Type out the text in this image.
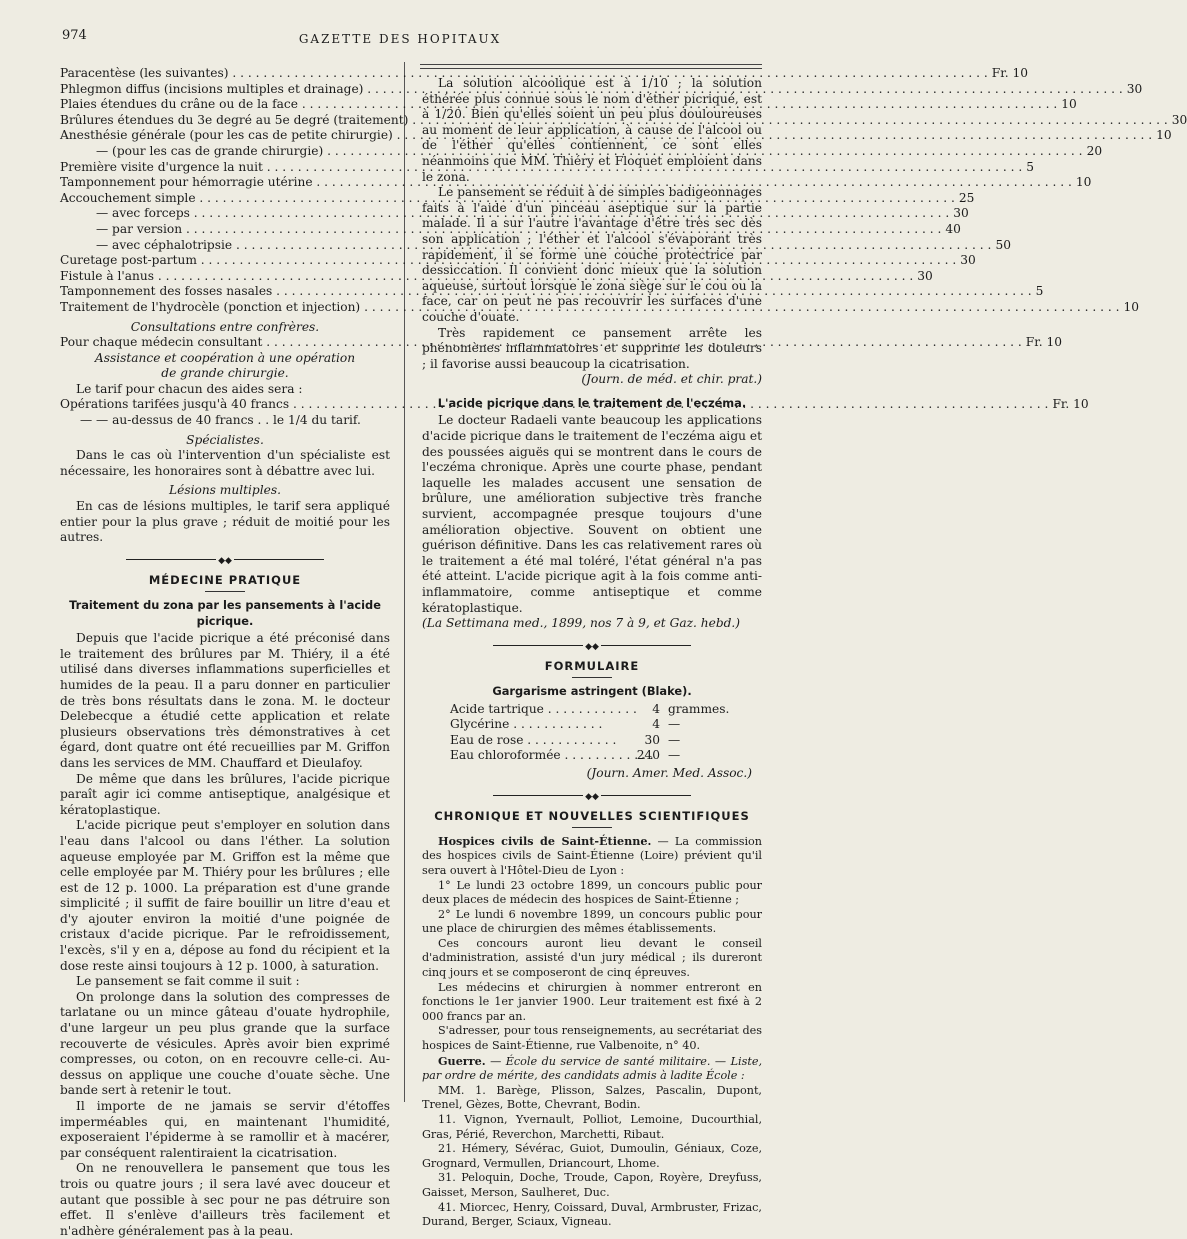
974	GAZETTE DES HOPITAUX
Paracentèse (les suivantes) . . .	Fr. 10
Phlegmon diffus (incisions multiples et drainage) . . .	30
Plaies étendues du crâne ou de la face . . .	10
Brûlures étendues du 3e degré au 5e degré (traitement) . . .	30
Anesthésie générale (pour les cas de petite chirurgie) . . .	10
— (pour les cas de grande chirurgie) . . .	20
Première visite d'urgence la nuit . . .	5
Tamponnement pour hémorragie utérine . . .	10
Accouchement simple . . .	25
— avec forceps . . .	30
— par version . . .	40
— avec céphalotripsie . . .	50
Curetage post-partum . . .	30
Fistule à l'anus . . .	30
Tamponnement des fosses nasales . . .	5
Traitement de l'hydrocèle (ponction et injection) . . .	10

Consultations entre confrères.

Pour chaque médecin consultant . . .	Fr. 10

Assistance et coopération à une opération

de grande chirurgie.

Le tarif pour chacun des aides sera :

Opérations tarifées jusqu'à 40 francs . . .	Fr. 10

— — au-dessus de 40 francs . . le 1/4 du tarif.

Spécialistes.

Dans le cas où l'intervention d'un spécialiste est nécessaire, les honoraires sont à débattre avec lui.

Lésions multiples.

En cas de lésions multiples, le tarif sera appliqué entier pour la plus grave ; réduit de moitié pour les autres.

◆◆
MÉDECINE PRATIQUE
Traitement du zona par les pansements à l'acide picrique.

Depuis que l'acide picrique a été préconisé dans le traitement des brûlures par M. Thiéry, il a été utilisé dans diverses inflammations superficielles et humides de la peau. Il a paru donner en particulier de très bons résultats dans le zona. M. le docteur Delebecque a étudié cette application et relate plusieurs observations très démonstratives à cet égard, dont quatre ont été recueillies par M. Griffon dans les services de MM. Chauffard et Dieulafoy.

De même que dans les brûlures, l'acide picrique paraît agir ici comme antiseptique, analgésique et kératoplastique.

L'acide picrique peut s'employer en solution dans l'eau dans l'alcool ou dans l'éther. La solution aqueuse employée par M. Griffon est la même que celle employée par M. Thiéry pour les brûlures ; elle est de 12 p. 1000. La préparation est d'une grande simplicité ; il suffit de faire bouillir un litre d'eau et d'y ajouter environ la moitié d'une poignée de cristaux d'acide picrique. Par le refroidissement, l'excès, s'il y en a, dépose au fond du récipient et la dose reste ainsi toujours à 12 p. 1000, à saturation.

Le pansement se fait comme il suit :

On prolonge dans la solution des compresses de tarlatane ou un mince gâteau d'ouate hydrophile, d'une largeur un peu plus grande que la surface recouverte de vésicules. Après avoir bien exprimé compresses, ou coton, on en recouvre celle-ci. Au-dessus on applique une couche d'ouate sèche. Une bande sert à retenir le tout.

Il importe de ne jamais se servir d'étoffes imperméables qui, en maintenant l'humidité, exposeraient l'épiderme à se ramollir et à macérer, par conséquent ralentiraient la cicatrisation.

On ne renouvellera le pansement que tous les trois ou quatre jours ; il sera lavé avec douceur et autant que possible à sec pour ne pas détruire son effet. Il s'enlève d'ailleurs très facilement et n'adhère généralement pas à la peau.

La solution alcoolique est à 1/10 ; la solution éthérée plus connue sous le nom d'éther picriqué, est à 1/20. Bien qu'elles soient un peu plus douloureuses au moment de leur application, à cause de l'alcool ou de l'éther qu'elles contiennent, ce sont elles néanmoins que MM. Thiéry et Floquet emploient dans le zona.

Le pansement se réduit à de simples badigeonnages faits à l'aide d'un pinceau aseptique sur la partie malade. Il a sur l'autre l'avantage d'être très sec dès son application ; l'éther et l'alcool s'évaporant très rapidement, il se forme une couche protectrice par dessiccation. Il convient donc mieux que la solution aqueuse, surtout lorsque le zona siège sur le cou ou la face, car on peut ne pas recouvrir les surfaces d'une couche d'ouate.

Très rapidement ce pansement arrête les phénomènes inflammatoires et supprime les douleurs ; il favorise aussi beaucoup la cicatrisation.

(Journ. de méd. et chir. prat.)

L'acide picrique dans le traitement de l'eczéma.

Le docteur Radaeli vante beaucoup les applications d'acide picrique dans le traitement de l'eczéma aigu et des poussées aiguës qui se montrent dans le cours de l'eczéma chronique. Après une courte phase, pendant laquelle les malades accusent une sensation de brûlure, une amélioration subjective très franche survient, accompagnée presque toujours d'une amélioration objective. Souvent on obtient une guérison définitive. Dans les cas relativement rares où le traitement a été mal toléré, l'état général n'a pas été atteint. L'acide picrique agit à la fois comme anti-inflammatoire, comme antiseptique et comme kératoplastique.

(La Settimana med., 1899, nos 7 à 9, et Gaz. hebd.)

◆◆
FORMULAIRE
Gargarisme astringent (Blake).
Acide tartrique . . .	4 grammes.
Glycérine . . .	4 —
Eau de rose . . .	30 —
Eau chloroformée . . .	240 —

(Journ. Amer. Med. Assoc.)

◆◆
CHRONIQUE ET NOUVELLES SCIENTIFIQUES

Hospices civils de Saint-Étienne. — La commission des hospices civils de Saint-Étienne (Loire) prévient qu'il sera ouvert à l'Hôtel-Dieu de Lyon :

1° Le lundi 23 octobre 1899, un concours public pour deux places de médecin des hospices de Saint-Étienne ;

2° Le lundi 6 novembre 1899, un concours public pour une place de chirurgien des mêmes établissements.

Ces concours auront lieu devant le conseil d'administration, assisté d'un jury médical ; ils dureront cinq jours et se composeront de cinq épreuves.

Les médecins et chirurgien à nommer entreront en fonctions le 1er janvier 1900. Leur traitement est fixé à 2 000 francs par an.

S'adresser, pour tous renseignements, au secrétariat des hospices de Saint-Étienne, rue Valbenoite, n° 40.

Guerre. — École du service de santé militaire. — Liste, par ordre de mérite, des candidats admis à ladite École :

MM. 1. Barège, Plisson, Salzes, Pascalin, Dupont, Trenel, Gèzes, Botte, Chevrant, Bodin.

11. Vignon, Yvernault, Polliot, Lemoine, Ducourthial, Gras, Périé, Reverchon, Marchetti, Ribaut.

21. Hémery, Sévérac, Guiot, Dumoulin, Géniaux, Coze, Grognard, Vermullen, Driancourt, Lhome.

31. Peloquin, Doche, Troude, Capon, Royère, Dreyfuss, Gaisset, Merson, Saulheret, Duc.

41. Miorcec, Henry, Coissard, Duval, Armbruster, Frizac, Durand, Berger, Sciaux, Vigneau.
